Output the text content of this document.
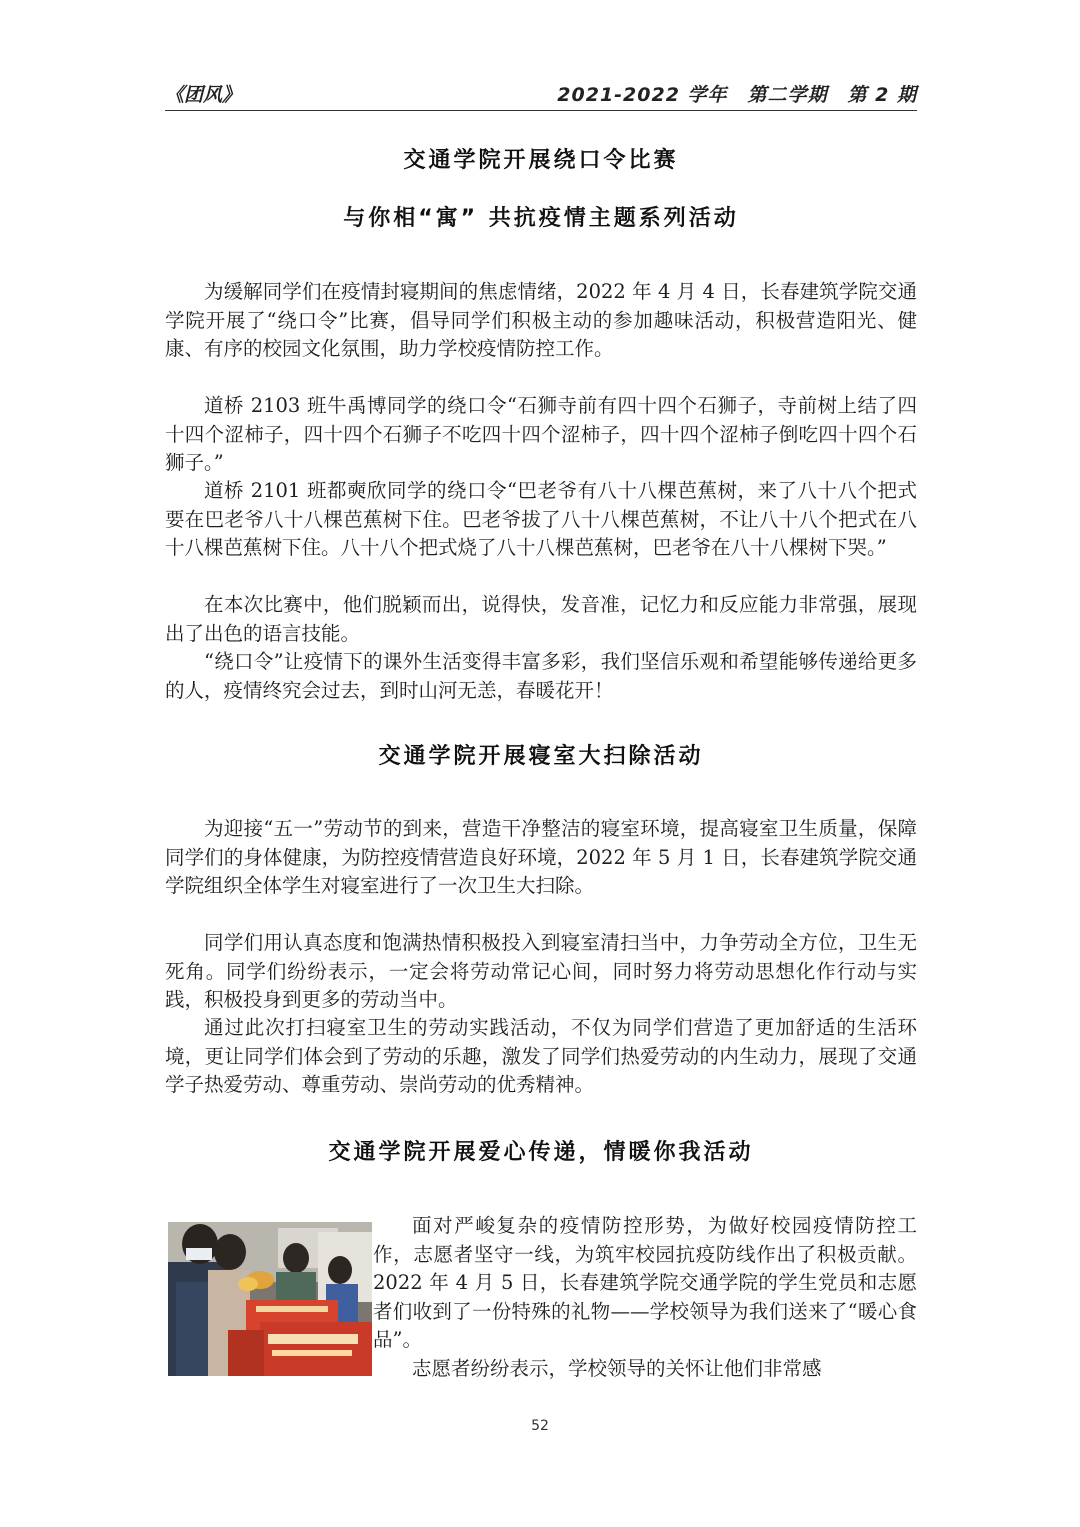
《团风》	2021-2022 学年　第二学期　第 2 期
交通学院开展绕口令比赛
与你相“寓” 共抗疫情主题系列活动

为缓解同学们在疫情封寝期间的焦虑情绪，2022 年 4 月 4 日，长春建筑学院交通学院开展了“绕口令”比赛，倡导同学们积极主动的参加趣味活动，积极营造阳光、健康、有序的校园文化氛围，助力学校疫情防控工作。

道桥 2103 班牛禹博同学的绕口令“石狮寺前有四十四个石狮子，寺前树上结了四十四个涩柿子，四十四个石狮子不吃四十四个涩柿子，四十四个涩柿子倒吃四十四个石狮子。”

道桥 2101 班都奭欣同学的绕口令“巴老爷有八十八棵芭蕉树，来了八十八个把式要在巴老爷八十八棵芭蕉树下住。巴老爷拔了八十八棵芭蕉树，不让八十八个把式在八十八棵芭蕉树下住。八十八个把式烧了八十八棵芭蕉树，巴老爷在八十八棵树下哭。”

在本次比赛中，他们脱颖而出，说得快，发音准，记忆力和反应能力非常强，展现出了出色的语言技能。

“绕口令”让疫情下的课外生活变得丰富多彩，我们坚信乐观和希望能够传递给更多的人，疫情终究会过去，到时山河无恙，春暖花开！

交通学院开展寝室大扫除活动

为迎接“五一”劳动节的到来，营造干净整洁的寝室环境，提高寝室卫生质量，保障同学们的身体健康，为防控疫情营造良好环境，2022 年 5 月 1 日，长春建筑学院交通学院组织全体学生对寝室进行了一次卫生大扫除。

同学们用认真态度和饱满热情积极投入到寝室清扫当中，力争劳动全方位，卫生无死角。同学们纷纷表示，一定会将劳动常记心间，同时努力将劳动思想化作行动与实践，积极投身到更多的劳动当中。

通过此次打扫寝室卫生的劳动实践活动，不仅为同学们营造了更加舒适的生活环境，更让同学们体会到了劳动的乐趣，激发了同学们热爱劳动的内生动力，展现了交通学子热爱劳动、尊重劳动、崇尚劳动的优秀精神。

交通学院开展爱心传递，情暖你我活动

面对严峻复杂的疫情防控形势，为做好校园疫情防控工作，志愿者坚守一线，为筑牢校园抗疫防线作出了积极贡献。2022 年 4 月 5 日，长春建筑学院交通学院的学生党员和志愿者们收到了一份特殊的礼物——学校领导为我们送来了“暖心食品”。

志愿者纷纷表示，学校领导的关怀让他们非常感

52
